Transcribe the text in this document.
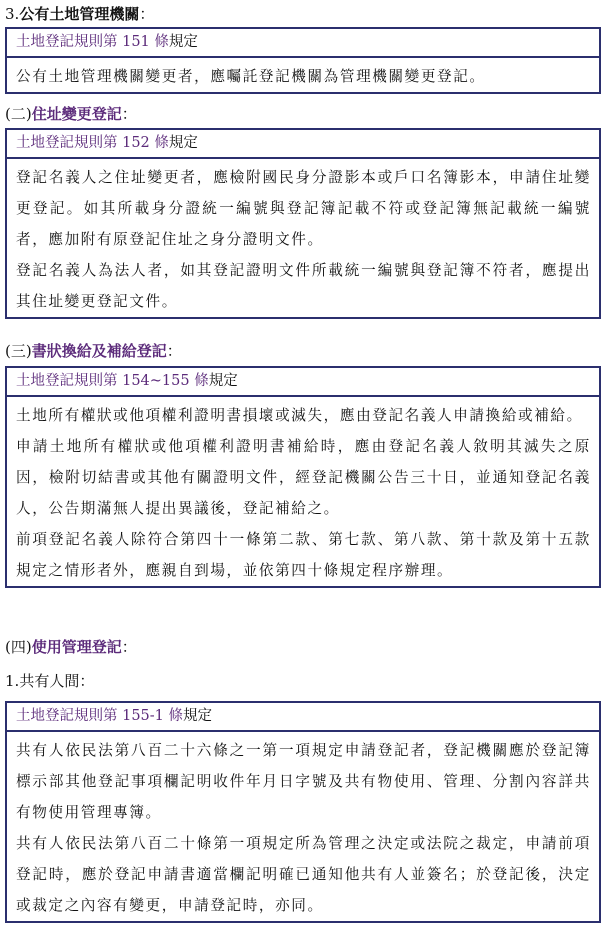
3.公有土地管理機關：
土地登記規則第 151 條規定

公有土地管理機關變更者，應囑託登記機關為管理機關變更登記。

(二)住址變更登記：
土地登記規則第 152 條規定

登記名義人之住址變更者，應檢附國民身分證影本或戶口名簿影本，申請住址變更登記。如其所載身分證統一編號與登記簿記載不符或登記簿無記載統一編號者，應加附有原登記住址之身分證明文件。

登記名義人為法人者，如其登記證明文件所載統一編號與登記簿不符者，應提出其住址變更登記文件。

(三)書狀換給及補給登記：
土地登記規則第 154~155 條規定

土地所有權狀或他項權利證明書損壞或滅失，應由登記名義人申請換給或補給。

申請土地所有權狀或他項權利證明書補給時，應由登記名義人敘明其滅失之原因，檢附切結書或其他有關證明文件，經登記機關公告三十日，並通知登記名義人，公告期滿無人提出異議後，登記補給之。

前項登記名義人除符合第四十一條第二款、第七款、第八款、第十款及第十五款規定之情形者外，應親自到場，並依第四十條規定程序辦理。

(四)使用管理登記：
1.共有人間：
土地登記規則第 155-1 條規定

共有人依民法第八百二十六條之一第一項規定申請登記者，登記機關應於登記簿標示部其他登記事項欄記明收件年月日字號及共有物使用、管理、分割內容詳共有物使用管理專簿。

共有人依民法第八百二十條第一項規定所為管理之決定或法院之裁定，申請前項登記時，應於登記申請書適當欄記明確已通知他共有人並簽名；於登記後，決定或裁定之內容有變更，申請登記時，亦同。
